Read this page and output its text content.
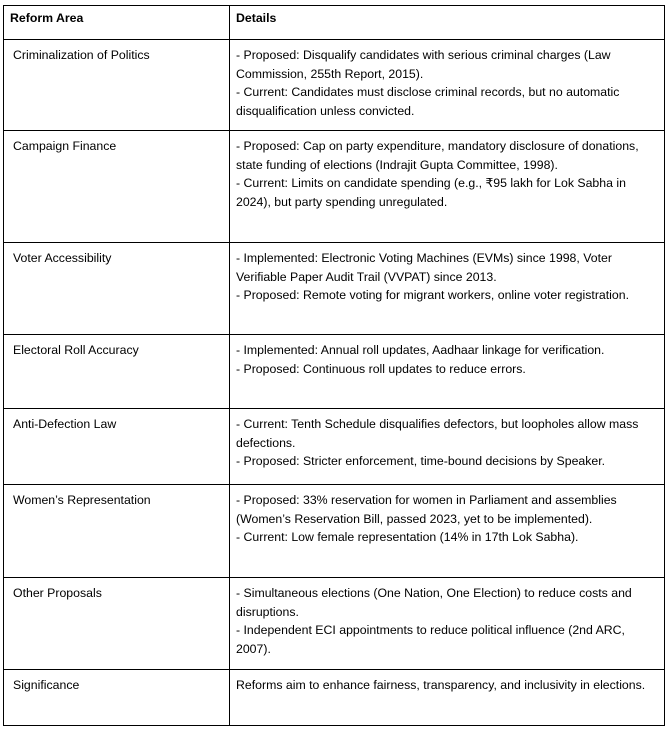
Reform Area	Details
Criminalization of Politics	- Proposed: Disqualify candidates with serious criminal charges (Law Commission, 255th Report, 2015).
- Current: Candidates must disclose criminal records, but no automatic disqualification unless convicted.

Campaign Finance	- Proposed: Cap on party expenditure, mandatory disclosure of donations, state funding of elections (Indrajit Gupta Committee, 1998).
- Current: Limits on candidate spending (e.g., ₹95 lakh for Lok Sabha in 2024), but party spending unregulated.

Voter Accessibility	- Implemented: Electronic Voting Machines (EVMs) since 1998, Voter Verifiable Paper Audit Trail (VVPAT) since 2013.
- Proposed: Remote voting for migrant workers, online voter registration.

Electoral Roll Accuracy	- Implemented: Annual roll updates, Aadhaar linkage for verification.
- Proposed: Continuous roll updates to reduce errors.

Anti-Defection Law	- Current: Tenth Schedule disqualifies defectors, but loopholes allow mass defections.
- Proposed: Stricter enforcement, time-bound decisions by Speaker.

Women’s Representation	- Proposed: 33% reservation for women in Parliament and assemblies (Women’s Reservation Bill, passed 2023, yet to be implemented).
- Current: Low female representation (14% in 17th Lok Sabha).

Other Proposals	- Simultaneous elections (One Nation, One Election) to reduce costs and disruptions.
- Independent ECI appointments to reduce political influence (2nd ARC, 2007).

Significance	Reforms aim to enhance fairness, transparency, and inclusivity in elections.
